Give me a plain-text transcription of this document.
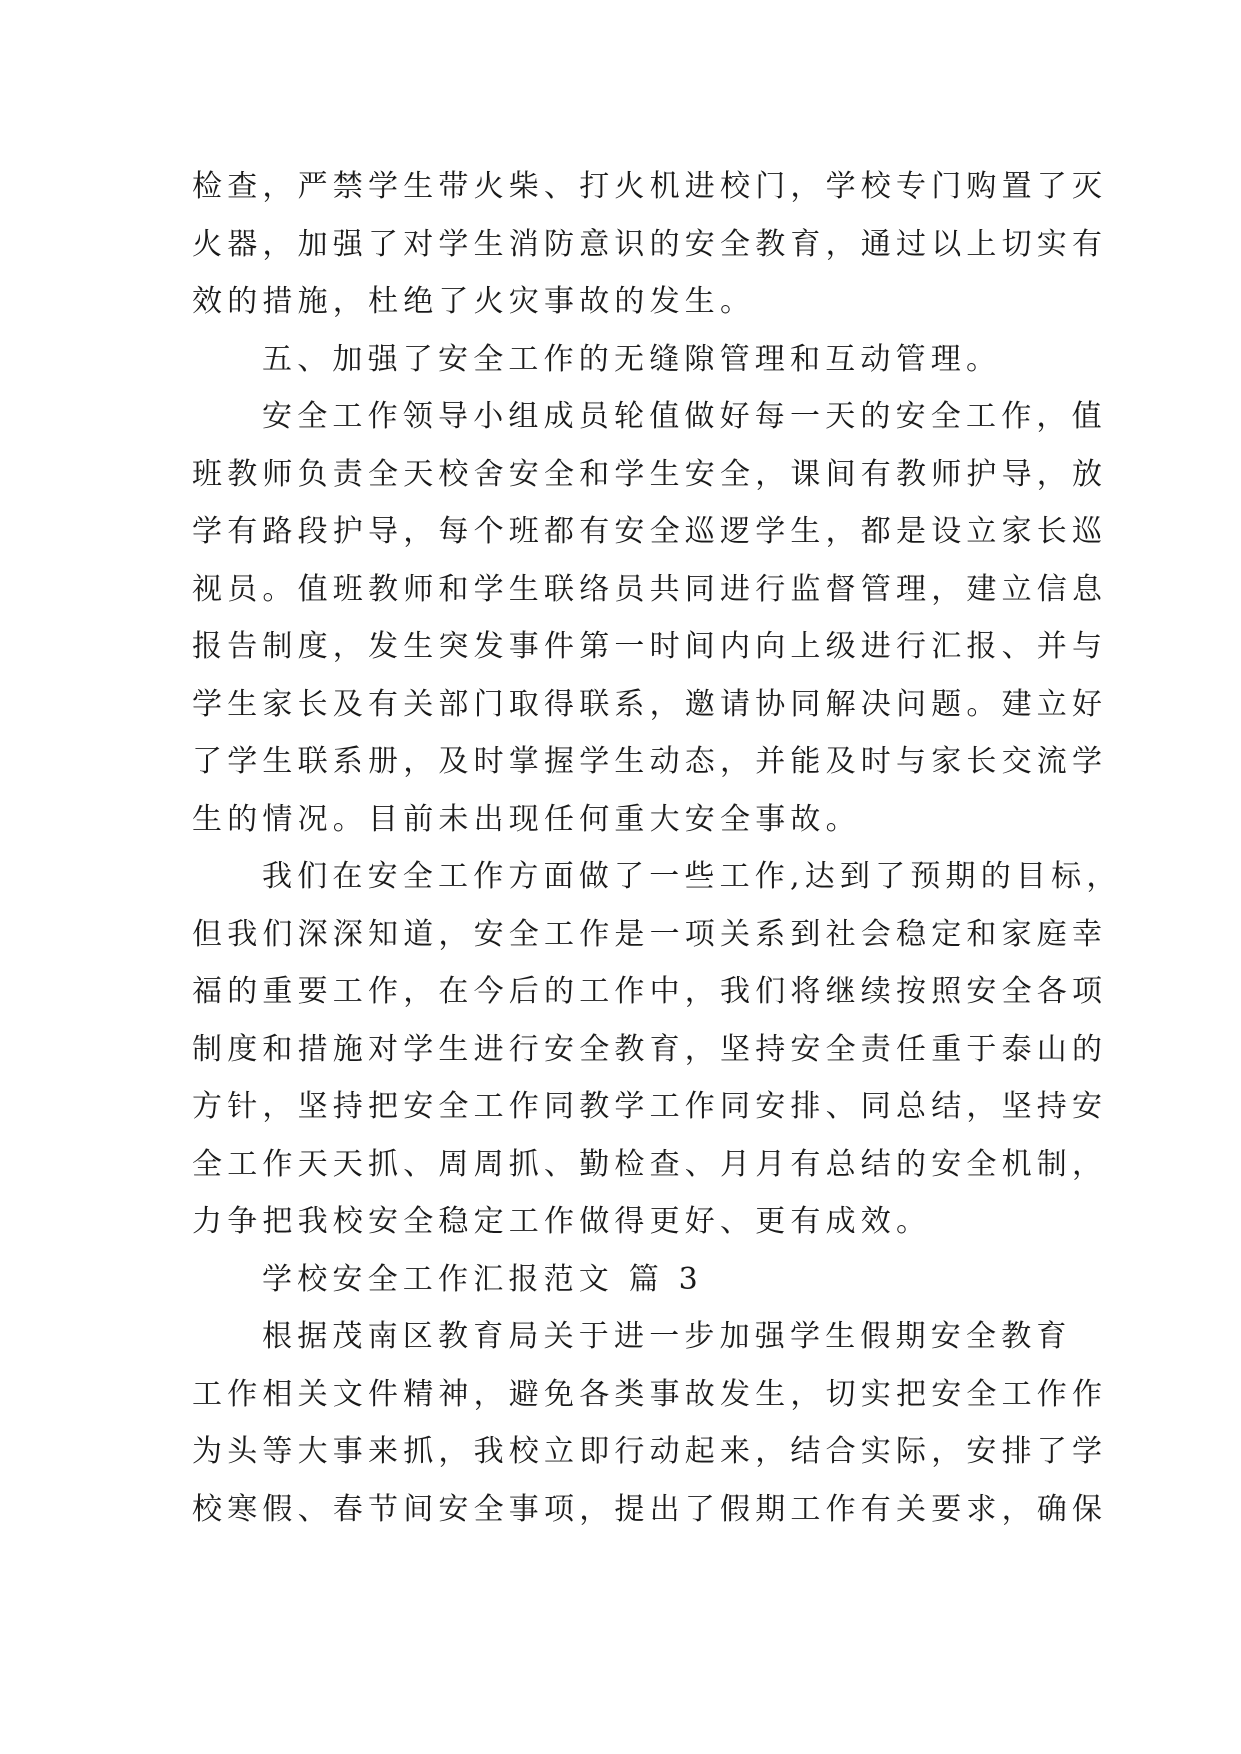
检查，严禁学生带火柴、打火机进校门，学校专门购置了灭
火器，加强了对学生消防意识的安全教育，通过以上切实有
效的措施，杜绝了火灾事故的发生。
五、加强了安全工作的无缝隙管理和互动管理。
安全工作领导小组成员轮值做好每一天的安全工作，值
班教师负责全天校舍安全和学生安全，课间有教师护导，放
学有路段护导，每个班都有安全巡逻学生，都是设立家长巡
视员。值班教师和学生联络员共同进行监督管理，建立信息
报告制度，发生突发事件第一时间内向上级进行汇报、并与
学生家长及有关部门取得联系，邀请协同解决问题。建立好
了学生联系册，及时掌握学生动态，并能及时与家长交流学
生的情况。目前未出现任何重大安全事故。
我们在安全工作方面做了一些工作,达到了预期的目标，
但我们深深知道，安全工作是一项关系到社会稳定和家庭幸
福的重要工作，在今后的工作中，我们将继续按照安全各项
制度和措施对学生进行安全教育，坚持安全责任重于泰山的
方针，坚持把安全工作同教学工作同安排、同总结，坚持安
全工作天天抓、周周抓、勤检查、月月有总结的安全机制，
力争把我校安全稳定工作做得更好、更有成效。
学校安全工作汇报范文 篇 3
根据茂南区教育局关于进一步加强学生假期安全教育
工作相关文件精神，避免各类事故发生，切实把安全工作作
为头等大事来抓，我校立即行动起来，结合实际，安排了学
校寒假、春节间安全事项，提出了假期工作有关要求，确保
